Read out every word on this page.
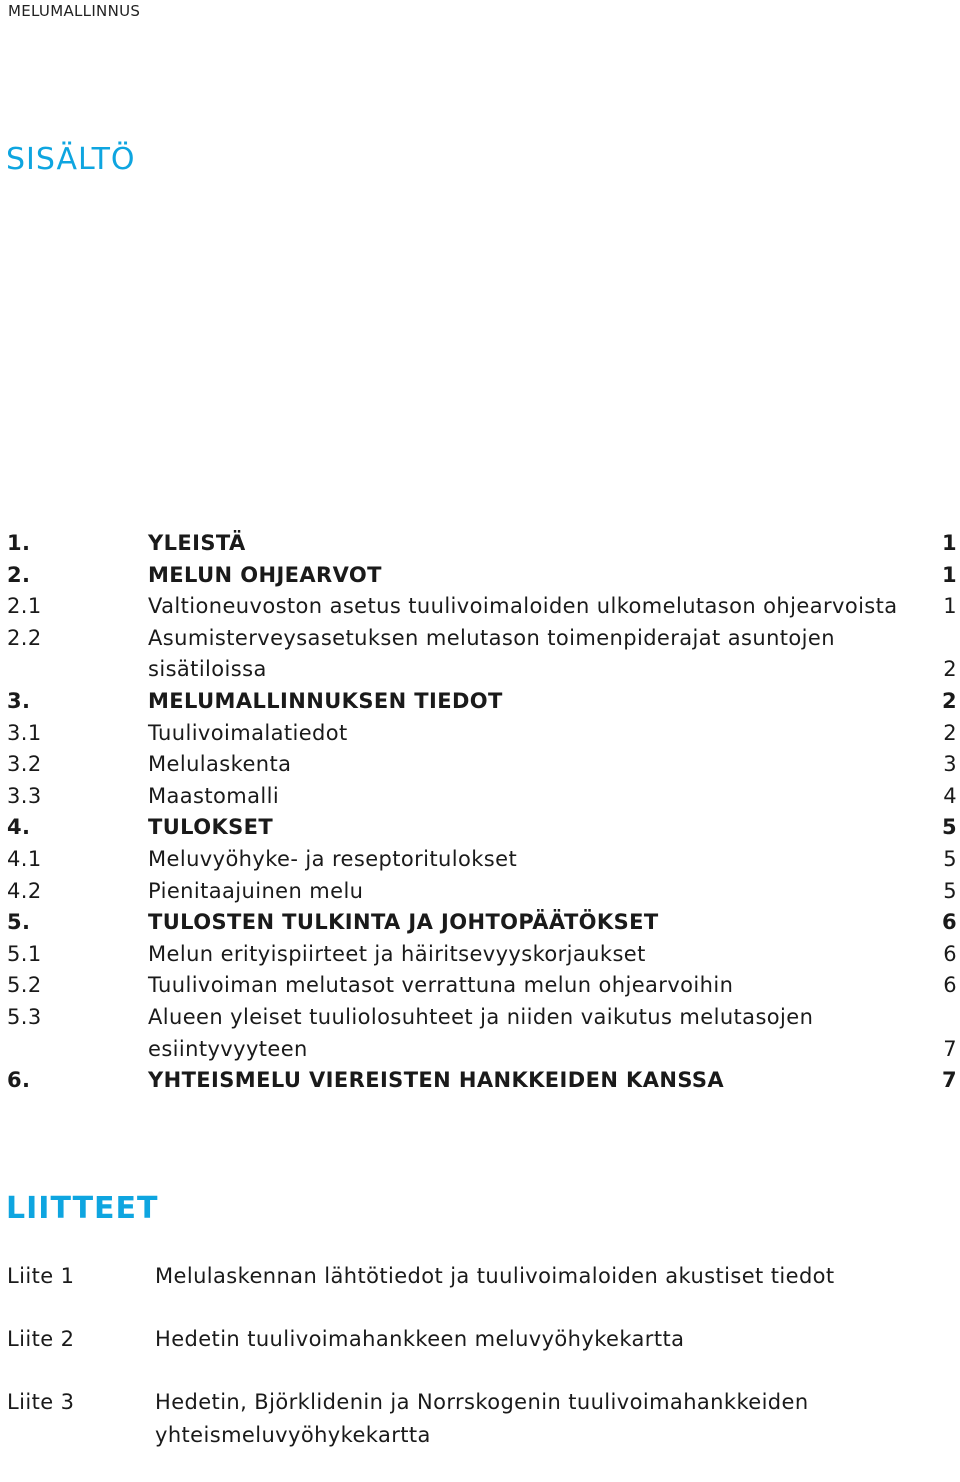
MELUMALLINNUS
SISÄLTÖ
1.	YLEISTÄ	1
2.	MELUN OHJEARVOT	1
2.1	Valtioneuvoston asetus tuulivoimaloiden ulkomelutason ohjearvoista	1
2.2	Asumisterveysasetuksen melutason toimenpiderajat asuntojen sisätiloissa	2
3.	MELUMALLINNUKSEN TIEDOT	2
3.1	Tuulivoimalatiedot	2
3.2	Melulaskenta	3
3.3	Maastomalli	4
4.	TULOKSET	5
4.1	Meluvyöhyke- ja reseptoritulokset	5
4.2	Pienitaajuinen melu	5
5.	TULOSTEN TULKINTA JA JOHTOPÄÄTÖKSET	6
5.1	Melun erityispiirteet ja häiritsevyyskorjaukset	6
5.2	Tuulivoiman melutasot verrattuna melun ohjearvoihin	6
5.3	Alueen yleiset tuuliolosuhteet ja niiden vaikutus melutasojen esiintyvyyteen	7
6.	YHTEISMELU VIEREISTEN HANKKEIDEN KANSSA	7
LIITTEET
Liite 1	Melulaskennan lähtötiedot ja tuulivoimaloiden akustiset tiedot
Liite 2	Hedetin tuulivoimahankkeen meluvyöhykekartta
Liite 3	Hedetin, Björklidenin ja Norrskogenin tuulivoimahankkeiden yhteismeluvyöhykekartta
